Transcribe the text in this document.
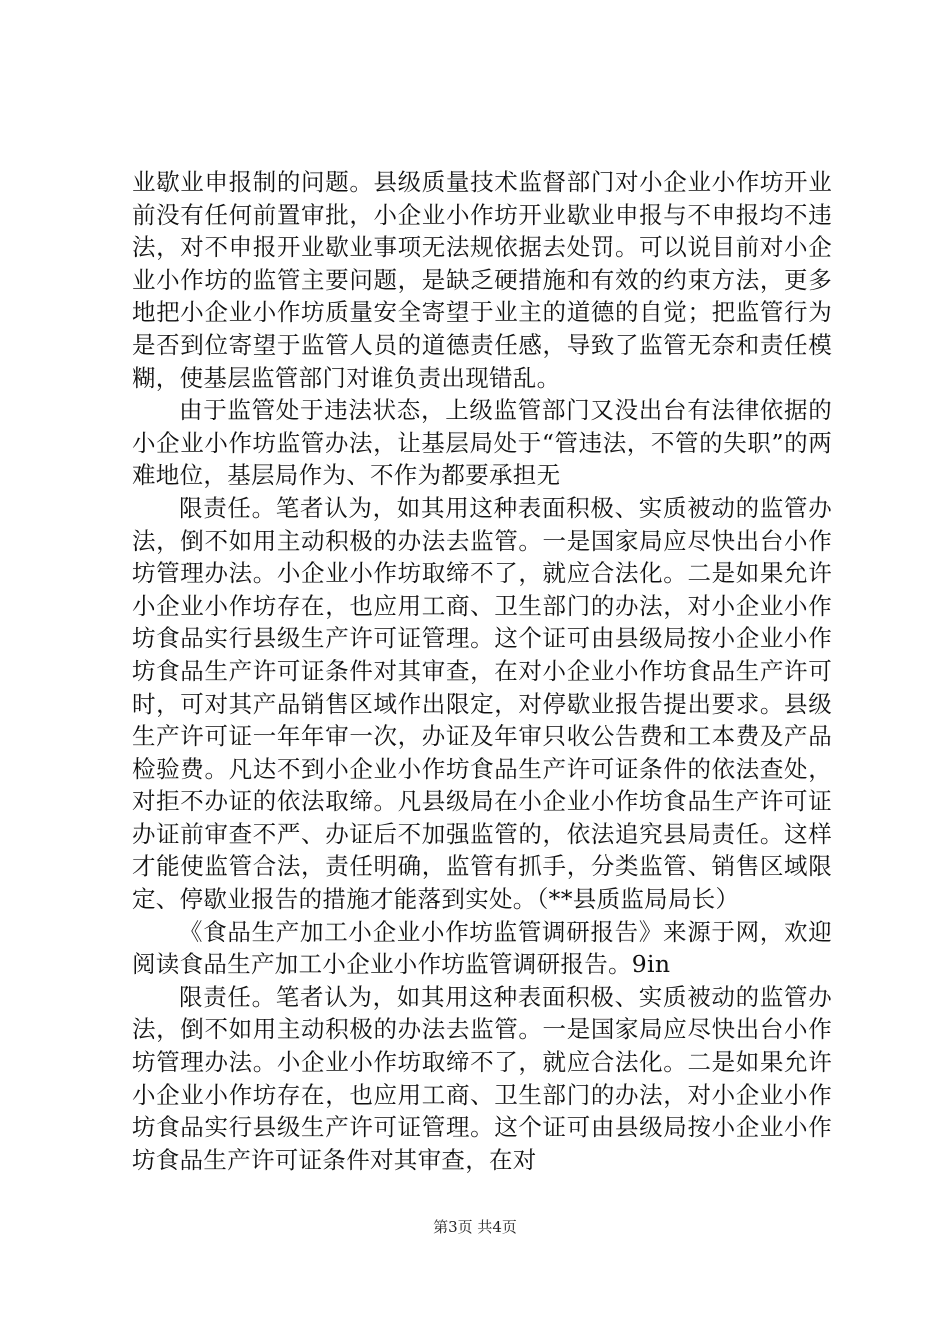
业歇业申报制的问题。县级质量技术监督部门对小企业小作坊开业前没有任何前置审批，小企业小作坊开业歇业申报与不申报均不违法，对不申报开业歇业事项无法规依据去处罚。可以说目前对小企业小作坊的监管主要问题，是缺乏硬措施和有效的约束方法，更多地把小企业小作坊质量安全寄望于业主的道德的自觉；把监管行为是否到位寄望于监管人员的道德责任感，导致了监管无奈和责任模糊，使基层监管部门对谁负责出现错乱。

由于监管处于违法状态，上级监管部门又没出台有法律依据的小企业小作坊监管办法，让基层局处于“管违法，不管的失职”的两难地位，基层局作为、不作为都要承担无

限责任。笔者认为，如其用这种表面积极、实质被动的监管办法，倒不如用主动积极的办法去监管。一是国家局应尽快出台小作坊管理办法。小企业小作坊取缔不了，就应合法化。二是如果允许小企业小作坊存在，也应用工商、卫生部门的办法，对小企业小作坊食品实行县级生产许可证管理。这个证可由县级局按小企业小作坊食品生产许可证条件对其审查，在对小企业小作坊食品生产许可时，可对其产品销售区域作出限定，对停歇业报告提出要求。县级生产许可证一年年审一次，办证及年审只收公告费和工本费及产品检验费。凡达不到小企业小作坊食品生产许可证条件的依法查处，对拒不办证的依法取缔。凡县级局在小企业小作坊食品生产许可证办证前审查不严、办证后不加强监管的，依法追究县局责任。这样才能使监管合法，责任明确，监管有抓手，分类监管、销售区域限定、停歇业报告的措施才能落到实处。（**县质监局局长）

《食品生产加工小企业小作坊监管调研报告》来源于网，欢迎阅读食品生产加工小企业小作坊监管调研报告。9in

限责任。笔者认为，如其用这种表面积极、实质被动的监管办法，倒不如用主动积极的办法去监管。一是国家局应尽快出台小作坊管理办法。小企业小作坊取缔不了，就应合法化。二是如果允许小企业小作坊存在，也应用工商、卫生部门的办法，对小企业小作坊食品实行县级生产许可证管理。这个证可由县级局按小企业小作坊食品生产许可证条件对其审查，在对

第3页 共4页
